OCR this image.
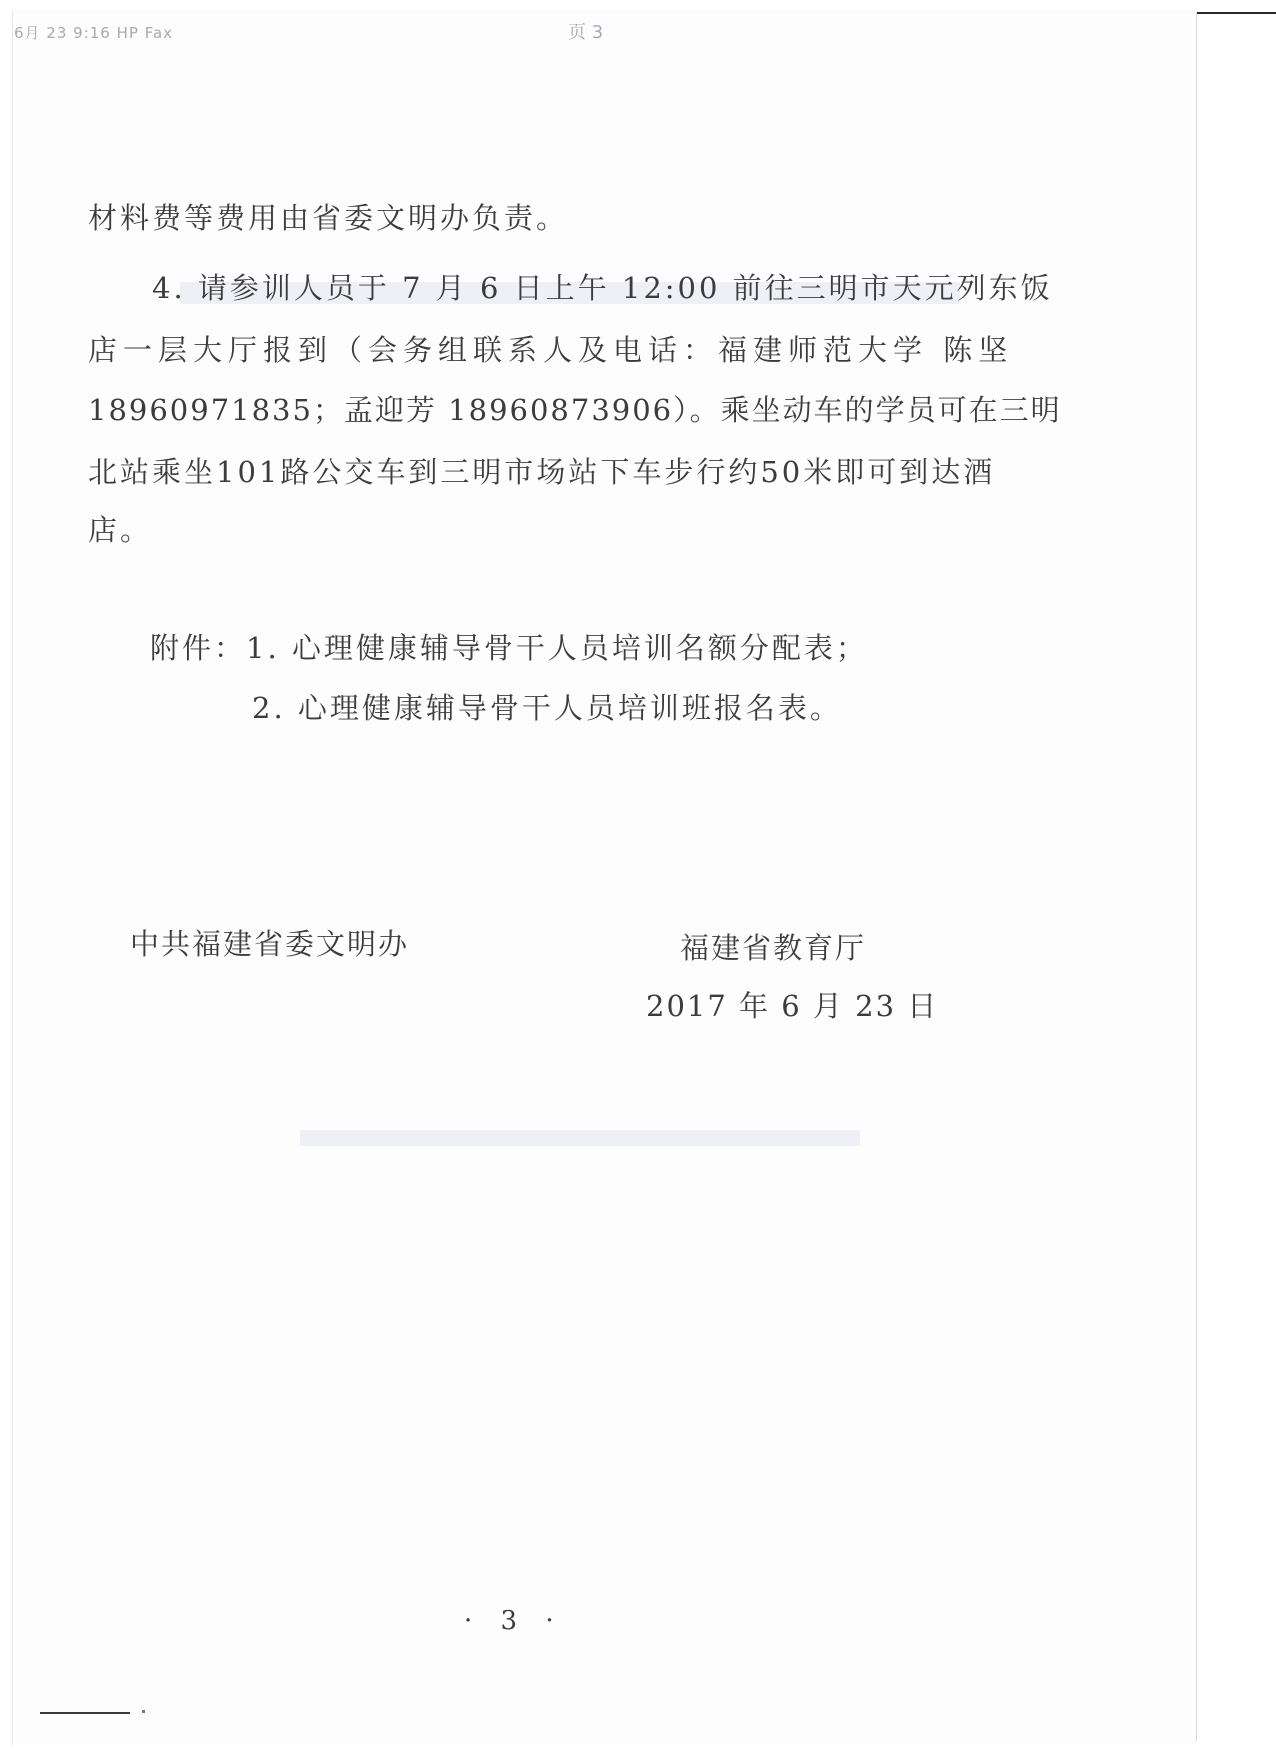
6月 23 9:16 HP Fax	页 3
材料费等费用由省委文明办负责。
4. 请参训人员于 7 月 6 日上午 12:00 前往三明市天元列东饭
店一层大厅报到（会务组联系人及电话：福建师范大学 陈坚
18960971835；孟迎芳 18960873906）。乘坐动车的学员可在三明
北站乘坐101路公交车到三明市场站下车步行约50米即可到达酒
店。
附件：1. 心理健康辅导骨干人员培训名额分配表；
2. 心理健康辅导骨干人员培训班报名表。
中共福建省委文明办	福建省教育厅
2017 年 6 月 23 日
· 3 ·
